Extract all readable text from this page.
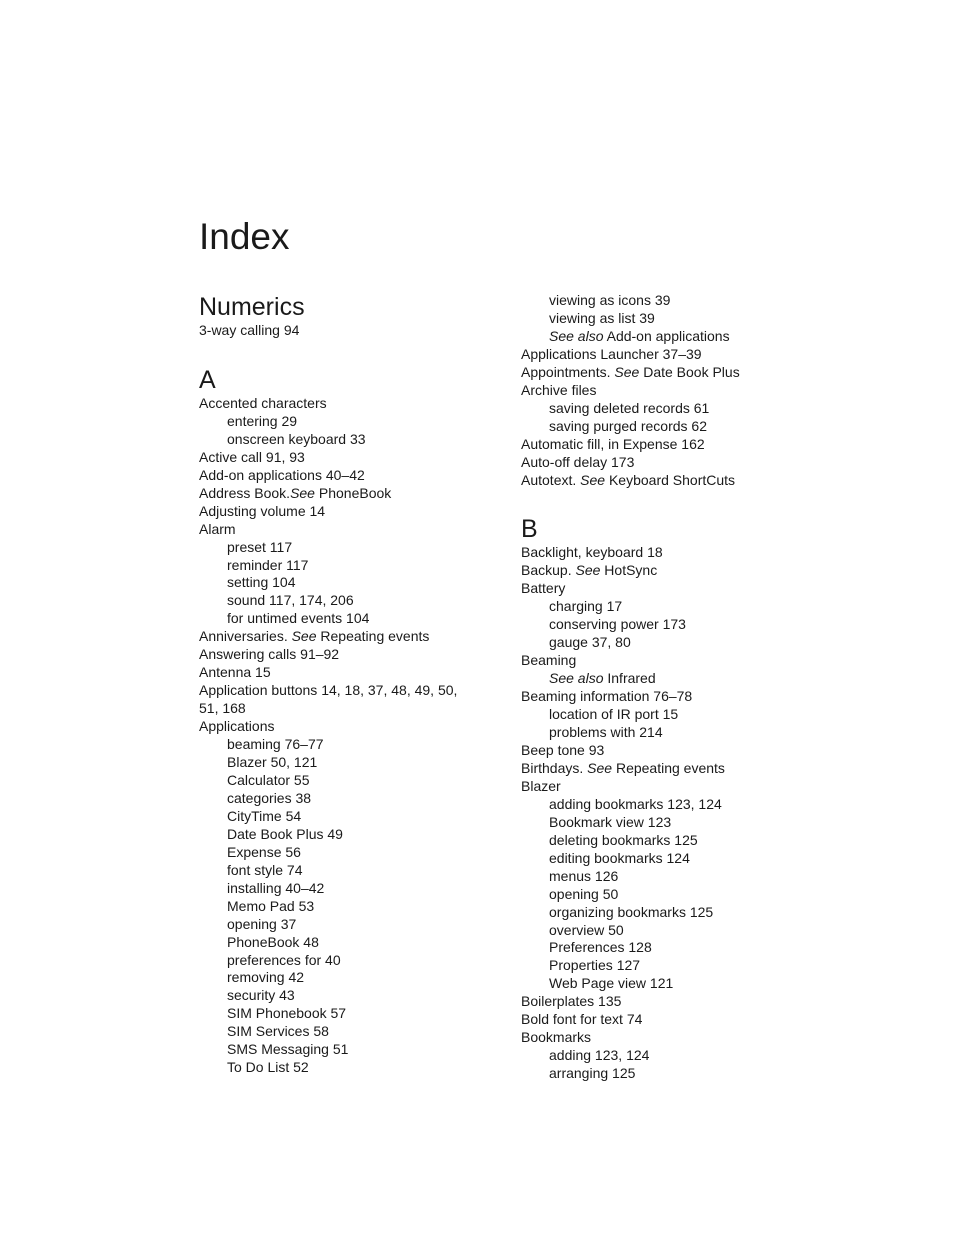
Index
Numerics
3-way calling 94
A
Accented characters
entering 29
onscreen keyboard 33
Active call 91, 93
Add-on applications 40–42
Address Book.See PhoneBook
Adjusting volume 14
Alarm
preset 117
reminder 117
setting 104
sound 117, 174, 206
for untimed events 104
Anniversaries. See Repeating events
Answering calls 91–92
Antenna 15
Application buttons 14, 18, 37, 48, 49, 50, 51, 168
Applications
beaming 76–77
Blazer 50, 121
Calculator 55
categories 38
CityTime 54
Date Book Plus 49
Expense 56
font style 74
installing 40–42
Memo Pad 53
opening 37
PhoneBook 48
preferences for 40
removing 42
security 43
SIM Phonebook 57
SIM Services 58
SMS Messaging 51
To Do List 52
viewing as icons 39
viewing as list 39
See also Add-on applications
Applications Launcher 37–39
Appointments. See Date Book Plus
Archive files
saving deleted records 61
saving purged records 62
Automatic fill, in Expense 162
Auto-off delay 173
Autotext. See Keyboard ShortCuts
B
Backlight, keyboard 18
Backup. See HotSync
Battery
charging 17
conserving power 173
gauge 37, 80
Beaming
See also Infrared
Beaming information 76–78
location of IR port 15
problems with 214
Beep tone 93
Birthdays. See Repeating events
Blazer
adding bookmarks 123, 124
Bookmark view 123
deleting bookmarks 125
editing bookmarks 124
menus 126
opening 50
organizing bookmarks 125
overview 50
Preferences 128
Properties 127
Web Page view 121
Boilerplates 135
Bold font for text 74
Bookmarks
adding 123, 124
arranging 125
